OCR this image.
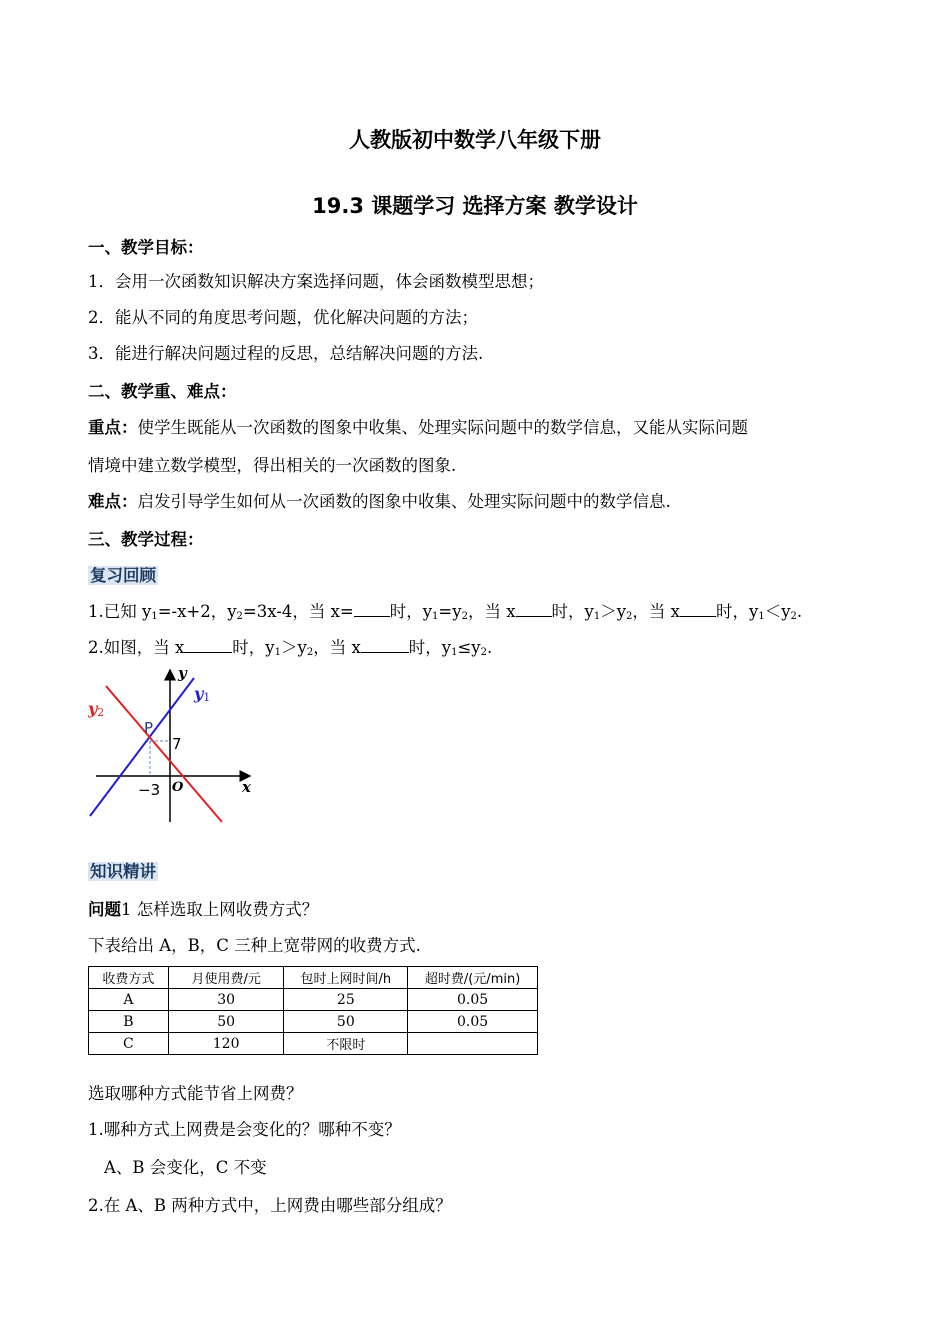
人教版初中数学八年级下册
19.3 课题学习 选择方案 教学设计
一、教学目标：
1．会用一次函数知识解决方案选择问题，体会函数模型思想；
2．能从不同的角度思考问题，优化解决问题的方法；
3．能进行解决问题过程的反思，总结解决问题的方法.
二、教学重、难点：
重点：使学生既能从一次函数的图象中收集、处理实际问题中的数学信息，又能从实际问题
情境中建立数学模型，得出相关的一次函数的图象.
难点：启发引导学生如何从一次函数的图象中收集、处理实际问题中的数学信息.
三、教学过程：
复习回顾
1.已知 $y_1=-x+2$，$y_2=3x-4$，当 x= 时，$y_1=y_2$，当 x 时，$y_1>y_2$，当 x 时，$y_1<y_2$.
2.如图，当 x	时，$y_1>y_2$，当 x	时，$y_1\le y_2$.
y
x
O
−3
7
P
y1
y2
知识精讲
问题1 怎样选取上网收费方式？
下表给出 A，B，C 三种上宽带网的收费方式.
收费方式	月使用费/元	包时上网时间/h	超时费/(元/min)
A	30	25	0.05
B	50	50	0.05
C	120	不限时	
选取哪种方式能节省上网费？
1.哪种方式上网费是会变化的？哪种不变？
A、B 会变化，C 不变
2.在 A、B 两种方式中，上网费由哪些部分组成？
